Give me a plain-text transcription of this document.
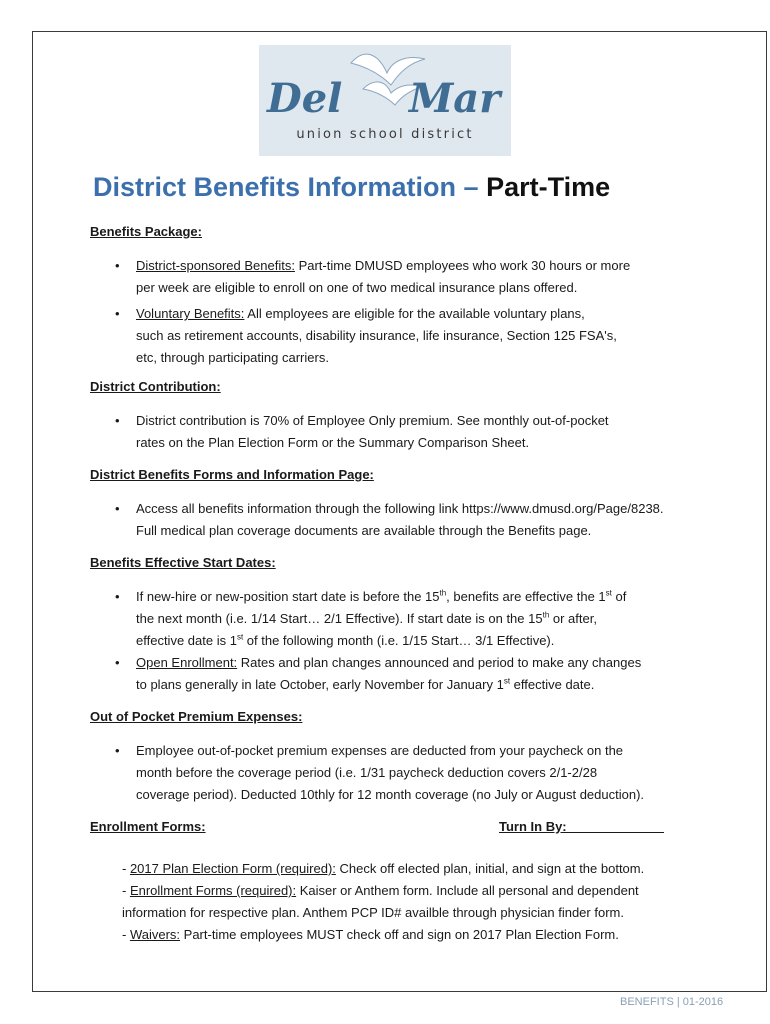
Del Mar
union school district
District Benefits Information – Part-Time

Benefits Package:

• District-sponsored Benefits: Part-time DMUSD employees who work 30 hours or more
per week are eligible to enroll on one of two medical insurance plans offered.
• Voluntary Benefits: All employees are eligible for the available voluntary plans,
such as retirement accounts, disability insurance, life insurance, Section 125 FSA's,
etc, through participating carriers.

District Contribution:

• District contribution is 70% of Employee Only premium. See monthly out-of-pocket
rates on the Plan Election Form or the Summary Comparison Sheet.

District Benefits Forms and Information Page:

• Access all benefits information through the following link https://www.dmusd.org/Page/8238.
Full medical plan coverage documents are available through the Benefits page.

Benefits Effective Start Dates:

• If new-hire or new-position start date is before the 15th, benefits are effective the 1st of
the next month (i.e. 1/14 Start… 2/1 Effective). If start date is on the 15th or after,
effective date is 1st of the following month (i.e. 1/15 Start… 3/1 Effective).
• Open Enrollment: Rates and plan changes announced and period to make any changes
to plans generally in late October, early November for January 1st effective date.

Out of Pocket Premium Expenses:

• Employee out-of-pocket premium expenses are deducted from your paycheck on the
month before the coverage period (i.e. 1/31 paycheck deduction covers 2/1-2/28
coverage period). Deducted 10thly for 12 month coverage (no July or August deduction).
Enrollment Forms:	Turn In By:
- 2017 Plan Election Form (required): Check off elected plan, initial, and sign at the bottom.
- Enrollment Forms (required): Kaiser or Anthem form. Include all personal and dependent
information for respective plan. Anthem PCP ID# availble through physician finder form.
- Waivers: Part-time employees MUST check off and sign on 2017 Plan Election Form.
BENEFITS | 01-2016
